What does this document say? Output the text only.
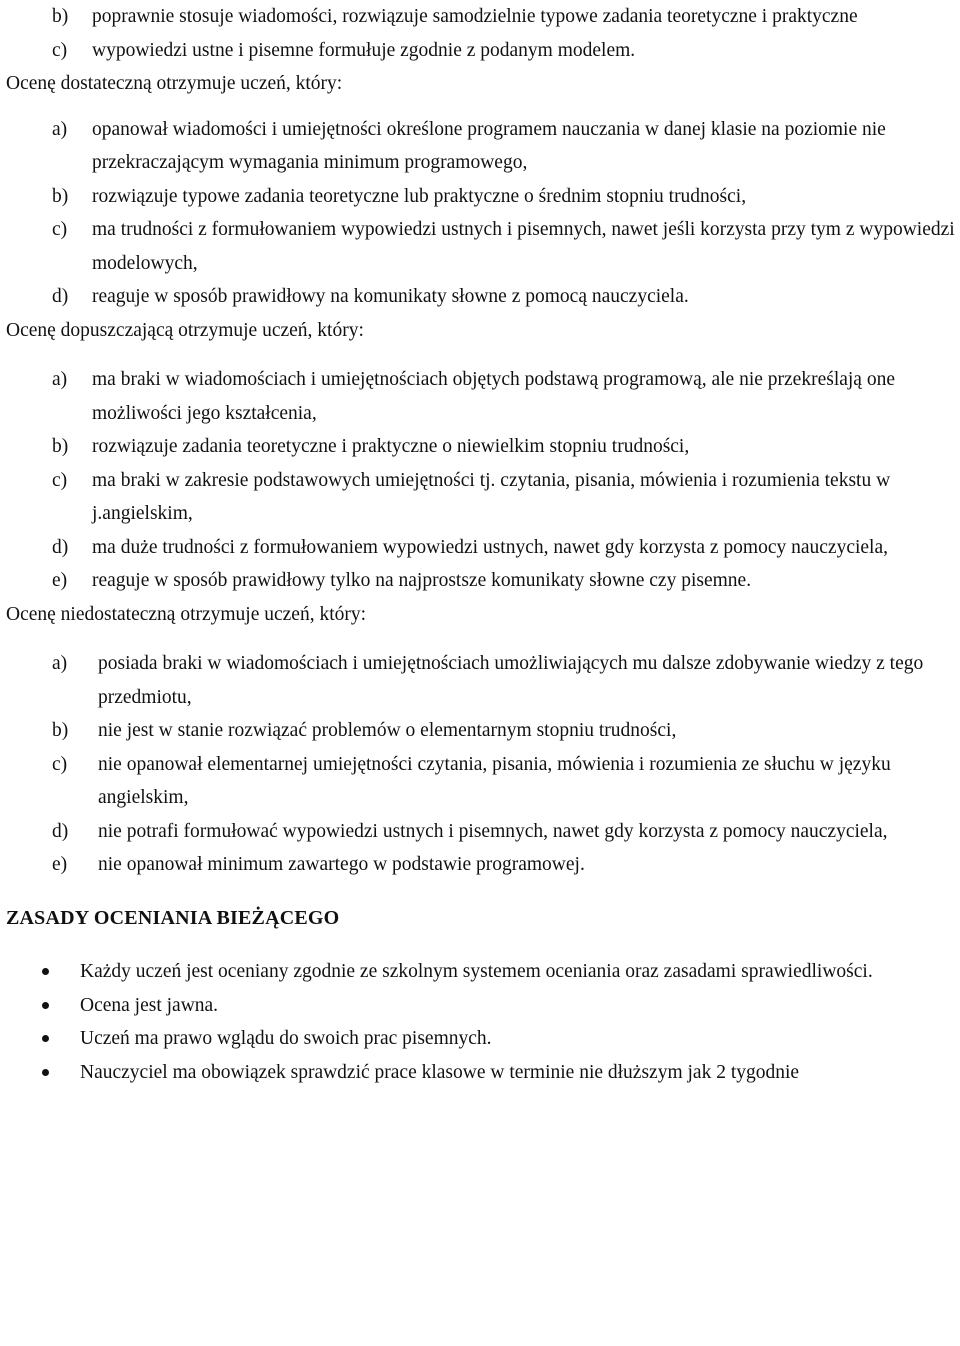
b) poprawnie stosuje wiadomości, rozwiązuje samodzielnie typowe zadania teoretyczne i praktyczne
c) wypowiedzi ustne i pisemne formułuje zgodnie z podanym modelem.

Ocenę dostateczną otrzymuje uczeń, który:

a) opanował wiadomości i umiejętności określone programem nauczania w danej klasie na poziomie nie przekraczającym wymagania minimum programowego,
b) rozwiązuje typowe zadania teoretyczne lub praktyczne o średnim stopniu trudności,
c) ma trudności z formułowaniem wypowiedzi ustnych i pisemnych, nawet jeśli korzysta przy tym z wypowiedzi modelowych,
d) reaguje w sposób prawidłowy na komunikaty słowne z pomocą nauczyciela.

Ocenę dopuszczającą otrzymuje uczeń, który:

a) ma braki w wiadomościach i umiejętnościach objętych podstawą programową, ale nie przekreślają one możliwości jego kształcenia,
b) rozwiązuje zadania teoretyczne i praktyczne o niewielkim stopniu trudności,
c) ma braki w zakresie podstawowych umiejętności tj. czytania, pisania, mówienia i rozumienia tekstu w j.angielskim,
d) ma duże trudności z formułowaniem wypowiedzi ustnych, nawet gdy korzysta z pomocy nauczyciela,
e) reaguje w sposób prawidłowy tylko na najprostsze komunikaty słowne czy pisemne.

Ocenę niedostateczną otrzymuje uczeń, który:

a) posiada braki w wiadomościach i umiejętnościach umożliwiających mu dalsze zdobywanie wiedzy z tego przedmiotu,
b) nie jest w stanie rozwiązać problemów o elementarnym stopniu trudności,
c) nie opanował elementarnej umiejętności czytania, pisania, mówienia i rozumienia ze słuchu w języku angielskim,
d) nie potrafi formułować wypowiedzi ustnych i pisemnych, nawet gdy korzysta z pomocy nauczyciela,
e) nie opanował minimum zawartego w podstawie programowej.

ZASADY OCENIANIA BIEŻĄCEGO

Każdy uczeń jest oceniany zgodnie ze szkolnym systemem oceniania oraz zasadami sprawiedliwości.
Ocena jest jawna.
Uczeń ma prawo wglądu do swoich prac pisemnych.
Nauczyciel ma obowiązek sprawdzić prace klasowe w terminie nie dłuższym jak 2 tygodnie
